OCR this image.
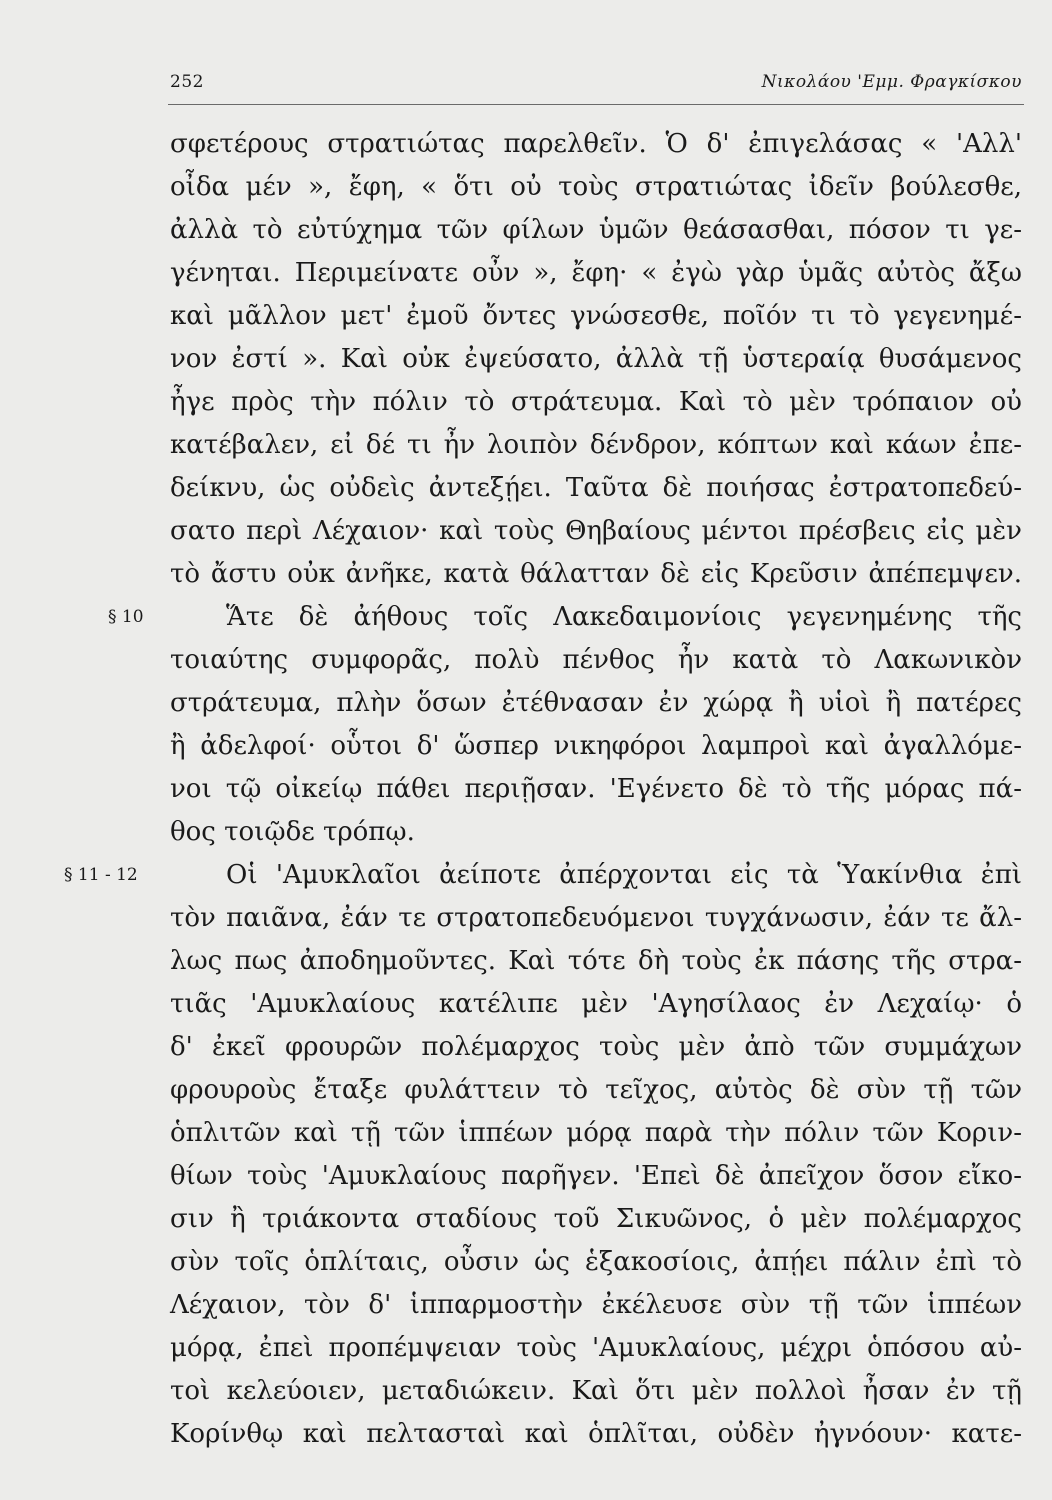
252	Νικολάου 'Εμμ. Φραγκίσκου
σφετέρους στρατιώτας παρελθεῖν. Ὁ δ' ἐπιγελάσας « 'Αλλ'
οἶδα μέν », ἔφη, « ὅτι οὐ τοὺς στρατιώτας ἰδεῖν βούλεσθε,
ἀλλὰ τὸ εὐτύχημα τῶν φίλων ὑμῶν θεάσασθαι, πόσον τι γε-
γένηται. Περιμείνατε οὖν », ἔφη· « ἐγὼ γὰρ ὑμᾶς αὐτὸς ἄξω
καὶ μᾶλλον μετ' ἐμοῦ ὄντες γνώσεσθε, ποῖόν τι τὸ γεγενημέ-
νον ἐστί ». Καὶ οὐκ ἐψεύσατο, ἀλλὰ τῇ ὑστεραίᾳ θυσάμενος
ἦγε πρὸς τὴν πόλιν τὸ στράτευμα. Καὶ τὸ μὲν τρόπαιον οὐ
κατέβαλεν, εἰ δέ τι ἦν λοιπὸν δένδρον, κόπτων καὶ κάων ἐπε-
δείκνυ, ὡς οὐδεὶς ἀντεξῄει. Ταῦτα δὲ ποιήσας ἐστρατοπεδεύ-
σατο περὶ Λέχαιον· καὶ τοὺς Θηβαίους μέντοι πρέσβεις εἰς μὲν
τὸ ἄστυ οὐκ ἀνῆκε, κατὰ θάλατταν δὲ εἰς Κρεῦσιν ἀπέπεμψεν.
§ 10	Ἅτε δὲ ἀήθους τοῖς Λακεδαιμονίοις γεγενημένης τῆς
τοιαύτης συμφορᾶς, πολὺ πένθος ἦν κατὰ τὸ Λακωνικὸν
στράτευμα, πλὴν ὅσων ἐτέθνασαν ἐν χώρᾳ ἢ υἱοὶ ἢ πατέρες
ἢ ἀδελφοί· οὗτοι δ' ὥσπερ νικηφόροι λαμπροὶ καὶ ἀγαλλόμε-
νοι τῷ οἰκείῳ πάθει περιῇσαν. 'Εγένετο δὲ τὸ τῆς μόρας πά-
θος τοιῷδε τρόπῳ.
§ 11 - 12	Οἱ 'Αμυκλαῖοι ἀείποτε ἀπέρχονται εἰς τὰ Ὑακίνθια ἐπὶ
τὸν παιᾶνα, ἐάν τε στρατοπεδευόμενοι τυγχάνωσιν, ἐάν τε ἄλ-
λως πως ἀποδημοῦντες. Καὶ τότε δὴ τοὺς ἐκ πάσης τῆς στρα-
τιᾶς 'Αμυκλαίους κατέλιπε μὲν 'Αγησίλαος ἐν Λεχαίῳ· ὁ
δ' ἐκεῖ φρουρῶν πολέμαρχος τοὺς μὲν ἀπὸ τῶν συμμάχων
φρουροὺς ἔταξε φυλάττειν τὸ τεῖχος, αὐτὸς δὲ σὺν τῇ τῶν
ὁπλιτῶν καὶ τῇ τῶν ἱππέων μόρᾳ παρὰ τὴν πόλιν τῶν Κοριν-
θίων τοὺς 'Αμυκλαίους παρῆγεν. 'Επεὶ δὲ ἀπεῖχον ὅσον εἴκο-
σιν ἢ τριάκοντα σταδίους τοῦ Σικυῶνος, ὁ μὲν πολέμαρχος
σὺν τοῖς ὁπλίταις, οὖσιν ὡς ἑξακοσίοις, ἀπῄει πάλιν ἐπὶ τὸ
Λέχαιον, τὸν δ' ἱππαρμοστὴν ἐκέλευσε σὺν τῇ τῶν ἱππέων
μόρᾳ, ἐπεὶ προπέμψειαν τοὺς 'Αμυκλαίους, μέχρι ὁπόσου αὐ-
τοὶ κελεύοιεν, μεταδιώκειν. Καὶ ὅτι μὲν πολλοὶ ἦσαν ἐν τῇ
Κορίνθῳ καὶ πελτασταὶ καὶ ὁπλῖται, οὐδὲν ἠγνόουν· κατε-
